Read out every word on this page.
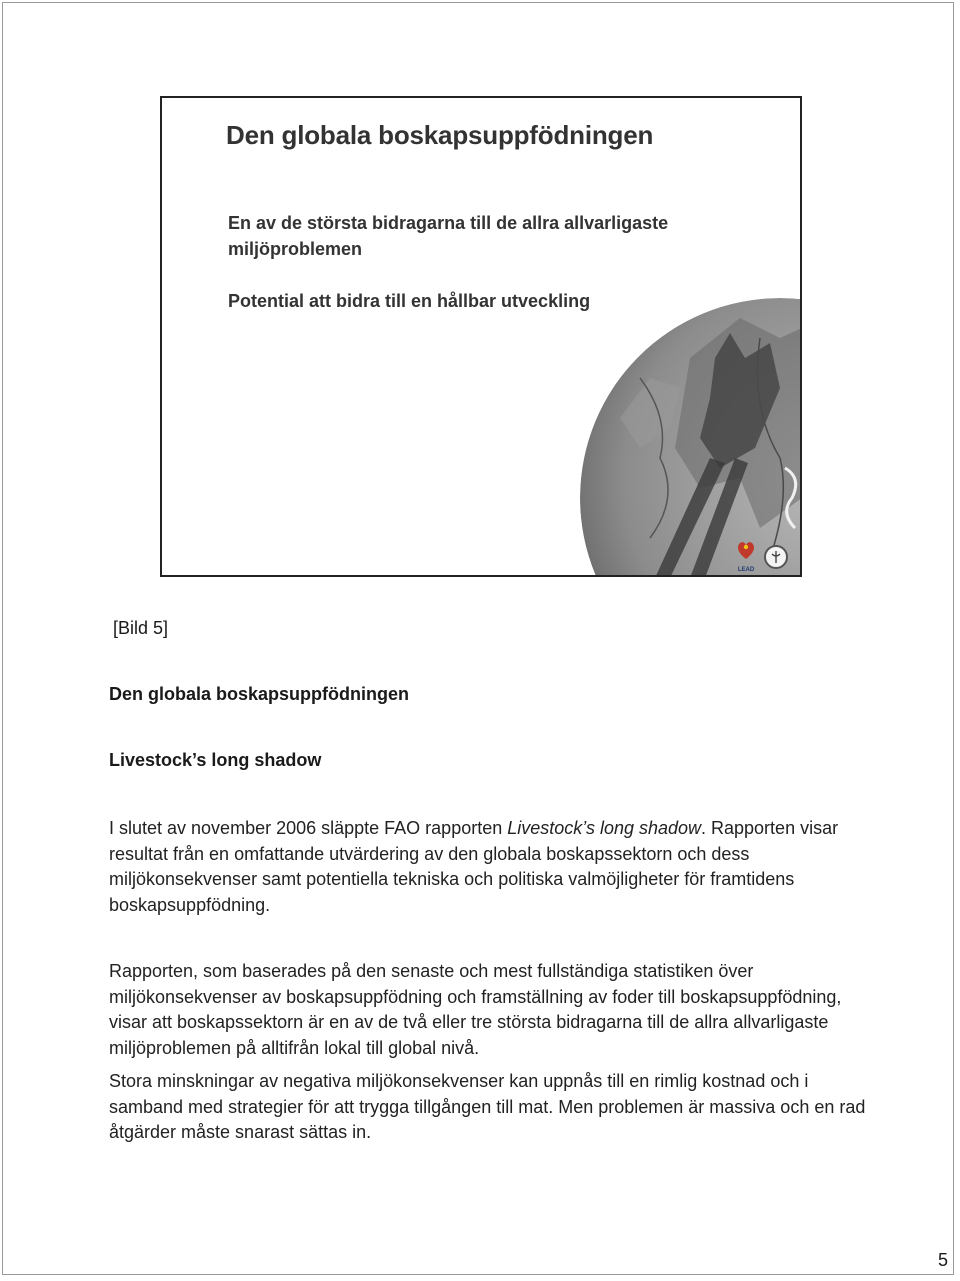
Den globala boskapsuppfödningen

En av de största bidragarna till de allra allvarligaste miljöproblemen

Potential att bidra till en hållbar utveckling

LEAD

[Bild 5]

Den globala boskapsuppfödningen

Livestock’s long shadow

I slutet av november 2006 släppte FAO rapporten Livestock’s long shadow. Rapporten visar resultat från en omfattande utvärdering av den globala boskapssektorn och dess miljökonsekvenser samt potentiella tekniska och politiska valmöjligheter för framtidens boskapsuppfödning.

Rapporten, som baserades på den senaste och mest fullständiga statistiken över miljökonsekvenser av boskapsuppfödning och framställning av foder till boskapsuppfödning, visar att boskapssektorn är en av de två eller tre största bidragarna till de allra allvarligaste miljöproblemen på alltifrån lokal till global nivå.

Stora minskningar av negativa miljökonsekvenser kan uppnås till en rimlig kostnad och i samband med strategier för att trygga tillgången till mat. Men problemen är massiva och en rad åtgärder måste snarast sättas in.

5
